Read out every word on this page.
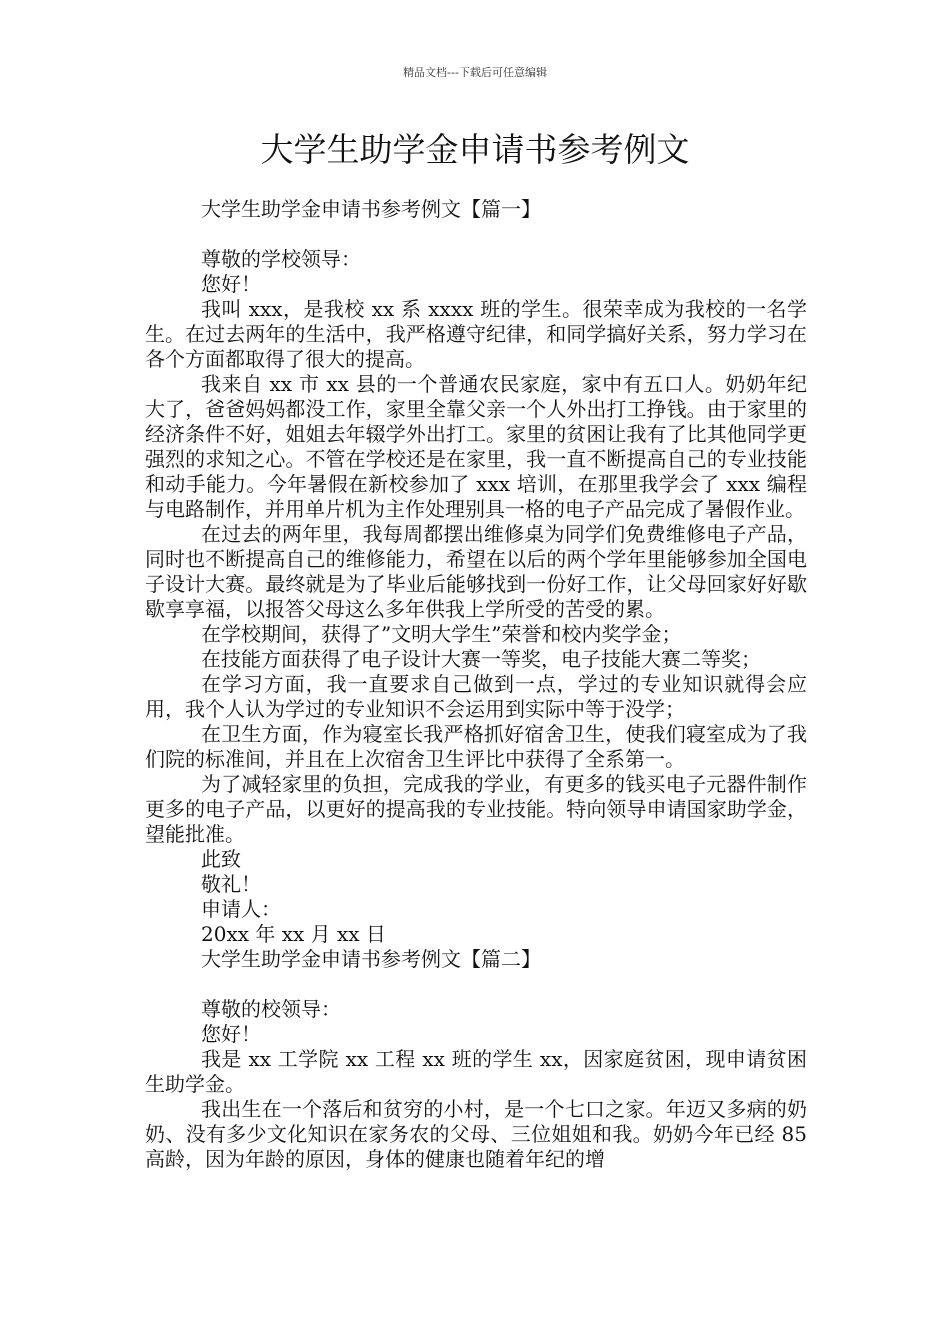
精品文档---下载后可任意编辑
大学生助学金申请书参考例文

大学生助学金申请书参考例文【篇一】

尊敬的学校领导：

您好！

我叫 xxx，是我校 xx 系 xxxx 班的学生。很荣幸成为我校的一名学生。在过去两年的生活中，我严格遵守纪律，和同学搞好关系，努力学习在各个方面都取得了很大的提高。

我来自 xx 市 xx 县的一个普通农民家庭，家中有五口人。奶奶年纪大了，爸爸妈妈都没工作，家里全靠父亲一个人外出打工挣钱。由于家里的经济条件不好，姐姐去年辍学外出打工。家里的贫困让我有了比其他同学更强烈的求知之心。不管在学校还是在家里，我一直不断提高自己的专业技能和动手能力。今年暑假在新校参加了 xxx 培训，在那里我学会了 xxx 编程与电路制作，并用单片机为主作处理别具一格的电子产品完成了暑假作业。

在过去的两年里，我每周都摆出维修桌为同学们免费维修电子产品，同时也不断提高自己的维修能力，希望在以后的两个学年里能够参加全国电子设计大赛。最终就是为了毕业后能够找到一份好工作，让父母回家好好歇歇享享福，以报答父母这么多年供我上学所受的苦受的累。

在学校期间，获得了”文明大学生”荣誉和校内奖学金；

在技能方面获得了电子设计大赛一等奖，电子技能大赛二等奖；

在学习方面，我一直要求自己做到一点，学过的专业知识就得会应用，我个人认为学过的专业知识不会运用到实际中等于没学；

在卫生方面，作为寝室长我严格抓好宿舍卫生，使我们寝室成为了我们院的标准间，并且在上次宿舍卫生评比中获得了全系第一。

为了减轻家里的负担，完成我的学业，有更多的钱买电子元器件制作更多的电子产品，以更好的提高我的专业技能。特向领导申请国家助学金，望能批准。

此致

敬礼！

申请人：

20xx 年 xx 月 xx 日

大学生助学金申请书参考例文【篇二】

尊敬的校领导：

您好！

我是 xx 工学院 xx 工程 xx 班的学生 xx，因家庭贫困，现申请贫困生助学金。

我出生在一个落后和贫穷的小村，是一个七口之家。年迈又多病的奶奶、没有多少文化知识在家务农的父母、三位姐姐和我。奶奶今年已经 85 高龄，因为年龄的原因，身体的健康也随着年纪的增
